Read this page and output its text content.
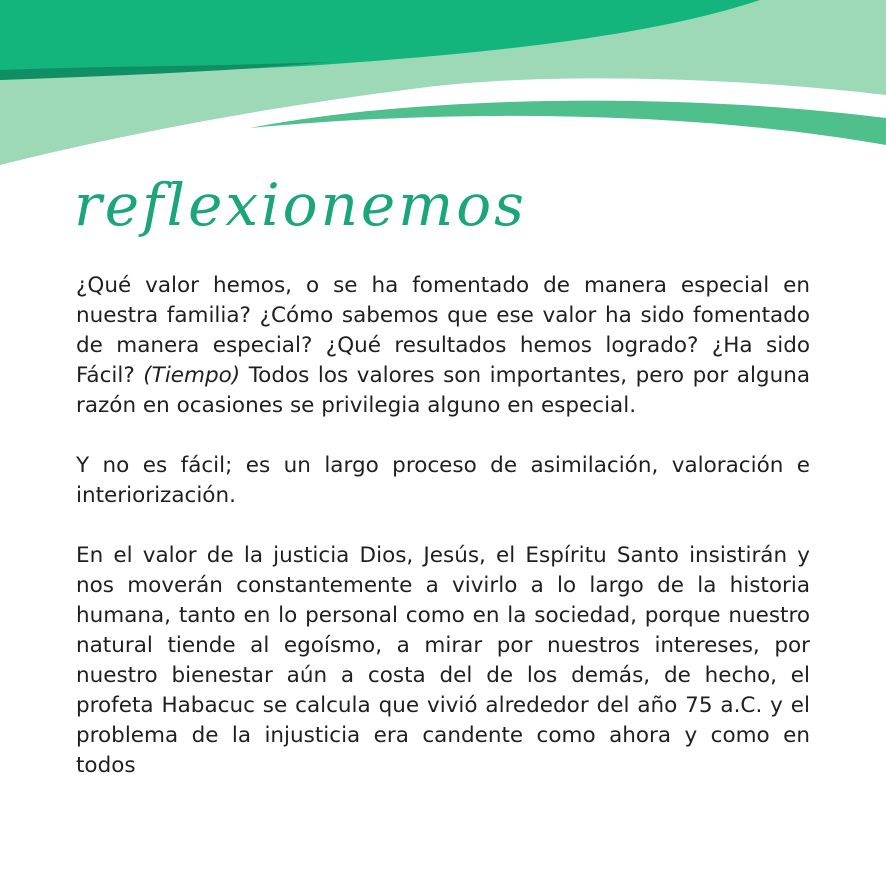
reflexionemos

¿Qué valor hemos, o se ha fomentado de manera especial en nuestra familia? ¿Cómo sabemos que ese valor ha sido fomentado de manera especial? ¿Qué resultados hemos logrado? ¿Ha sido Fácil? (Tiempo) Todos los valores son importantes, pero por alguna razón en ocasiones se privilegia alguno en especial.

Y no es fácil; es un largo proceso de asimilación, valoración e interiorización.

En el valor de la justicia Dios, Jesús, el Espíritu Santo insistirán y nos moverán constantemente a vivirlo a lo largo de la historia humana, tanto en lo personal como en la sociedad, porque nuestro natural tiende al egoísmo, a mirar por nuestros intereses, por nuestro bienestar aún a costa del de los demás, de hecho, el profeta Habacuc se calcula que vivió alrededor del año 75 a.C. y el problema de la injusticia era candente como ahora y como en todos
